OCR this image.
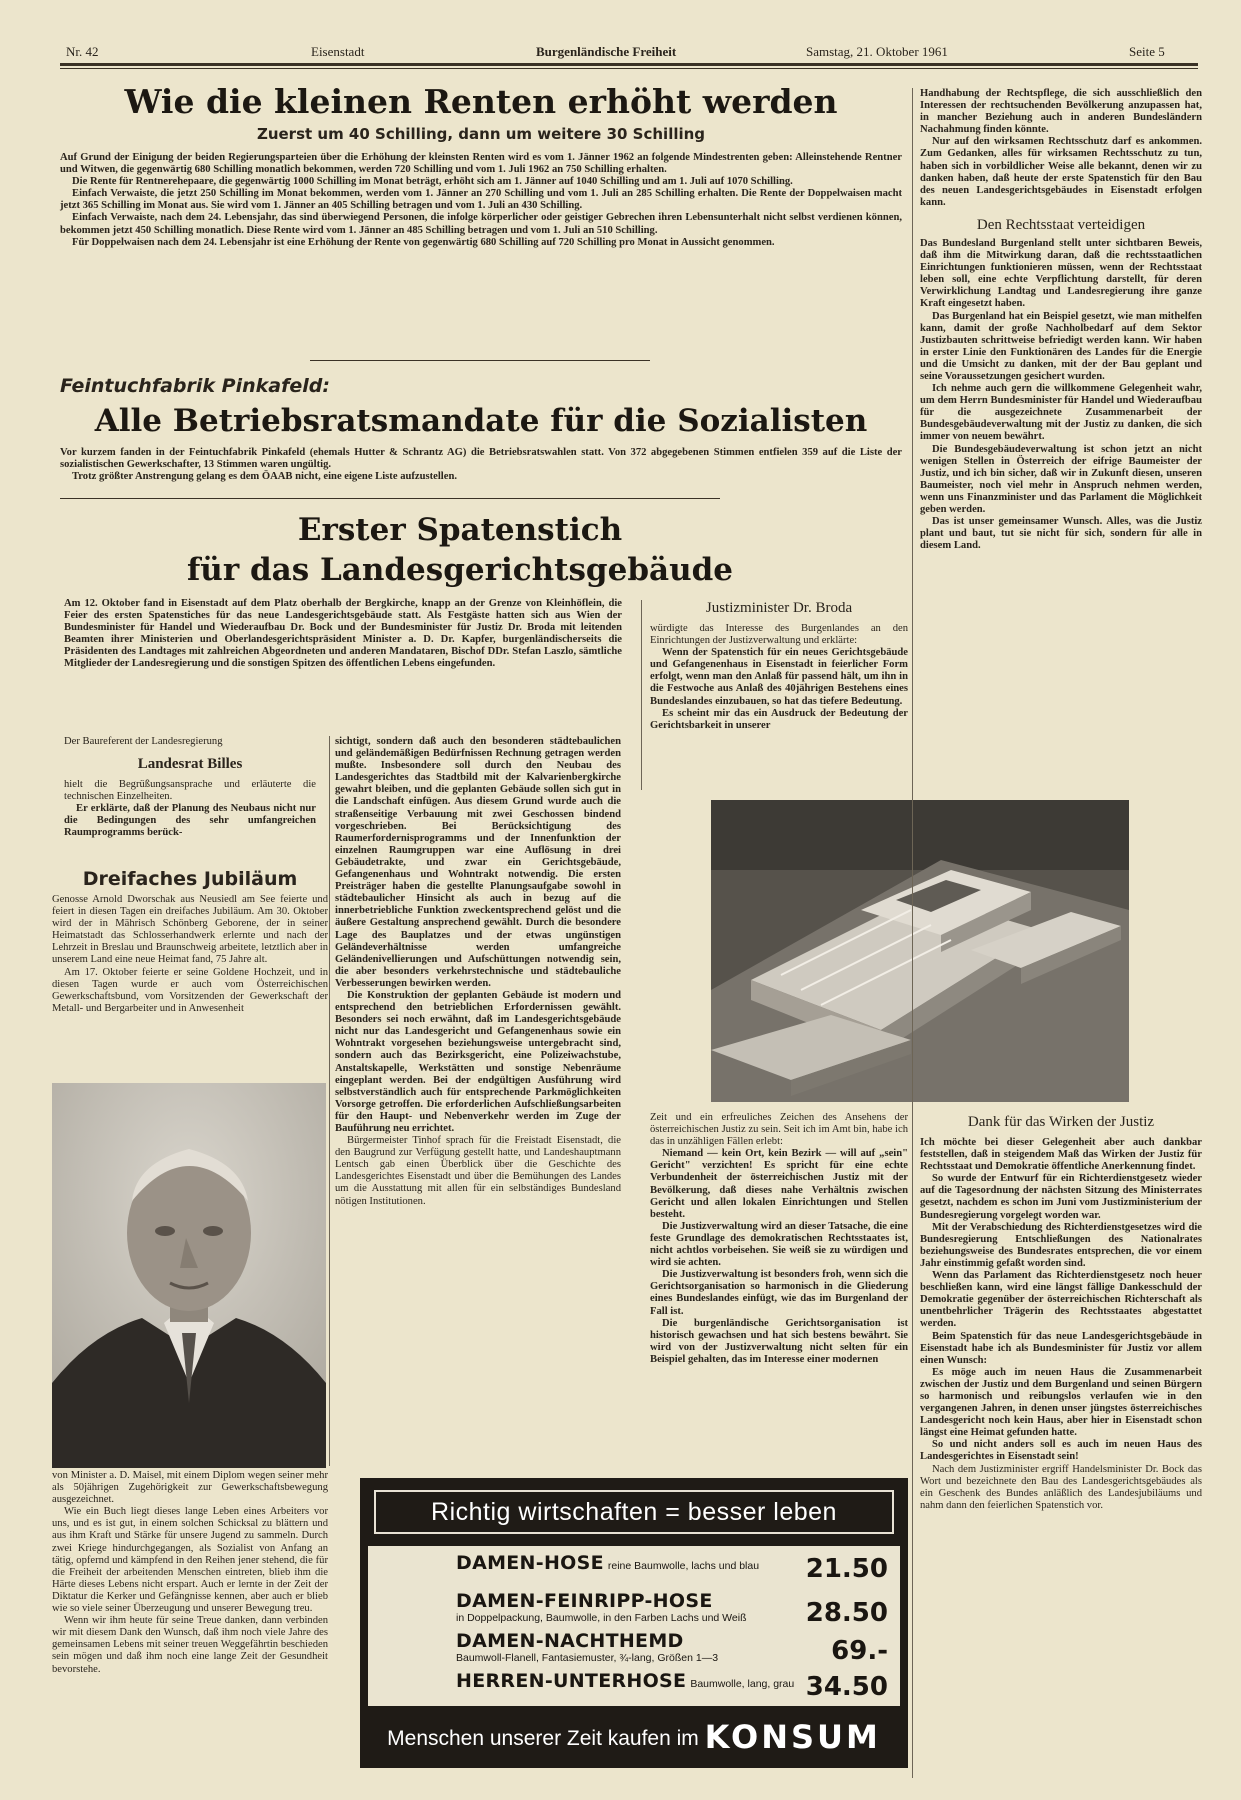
Nr. 42	Eisenstadt	Burgenländische Freiheit	Samstag, 21. Oktober 1961	Seite 5
Wie die kleinen Renten erhöht werden
Zuerst um 40 Schilling, dann um weitere 30 Schilling

Auf Grund der Einigung der beiden Regierungsparteien über die Erhöhung der kleinsten Renten wird es vom 1. Jänner 1962 an folgende Mindestrenten geben: Alleinstehende Rentner und Witwen, die gegenwärtig 680 Schilling monatlich bekommen, werden 720 Schilling und vom 1. Juli 1962 an 750 Schilling erhalten.

Die Rente für Rentnerehepaare, die gegenwärtig 1000 Schilling im Monat beträgt, erhöht sich am 1. Jänner auf 1040 Schilling und am 1. Juli auf 1070 Schilling.

Einfach Verwaiste, die jetzt 250 Schilling im Monat bekommen, werden vom 1. Jänner an 270 Schilling und vom 1. Juli an 285 Schilling erhalten. Die Rente der Doppelwaisen macht jetzt 365 Schilling im Monat aus. Sie wird vom 1. Jänner an 405 Schilling betragen und vom 1. Juli an 430 Schilling.

Einfach Verwaiste, nach dem 24. Lebensjahr, das sind überwiegend Personen, die infolge körperlicher oder geistiger Gebrechen ihren Lebensunterhalt nicht selbst verdienen können, bekommen jetzt 450 Schilling monatlich. Diese Rente wird vom 1. Jänner an 485 Schilling betragen und vom 1. Juli an 510 Schilling.

Für Doppelwaisen nach dem 24. Lebensjahr ist eine Erhöhung der Rente von gegenwärtig 680 Schilling auf 720 Schilling pro Monat in Aussicht genommen.

Feintuchfabrik Pinkafeld:
Alle Betriebsratsmandate für die Sozialisten

Vor kurzem fanden in der Feintuchfabrik Pinkafeld (ehemals Hutter & Schrantz AG) die Betriebsratswahlen statt. Von 372 abgegebenen Stimmen entfielen 359 auf die Liste der sozialistischen Gewerkschafter, 13 Stimmen waren ungültig.

Trotz größter Anstrengung gelang es dem ÖAAB nicht, eine eigene Liste aufzustellen.

Erster Spatenstich
für das Landesgerichtsgebäude

Am 12. Oktober fand in Eisenstadt auf dem Platz oberhalb der Bergkirche, knapp an der Grenze von Kleinhöflein, die Feier des ersten Spatenstiches für das neue Landesgerichtsgebäude statt. Als Festgäste hatten sich aus Wien der Bundesminister für Handel und Wiederaufbau Dr. Bock und der Bundesminister für Justiz Dr. Broda mit leitenden Beamten ihrer Ministerien und Oberlandesgerichtspräsident Minister a. D. Dr. Kapfer, burgenländischerseits die Präsidenten des Landtages mit zahlreichen Abgeordneten und anderen Mandataren, Bischof DDr. Stefan Laszlo, sämtliche Mitglieder der Landesregierung und die sonstigen Spitzen des öffentlichen Lebens eingefunden.

Der Baureferent der Landesregierung

Landesrat Billes

hielt die Begrüßungsansprache und erläuterte die technischen Einzelheiten.

Er erklärte, daß der Planung des Neubaus nicht nur die Bedingungen des sehr umfangreichen Raumprogramms berück-

Dreifaches Jubiläum

Genosse Arnold Dworschak aus Neusiedl am See feierte und feiert in diesen Tagen ein dreifaches Jubiläum. Am 30. Oktober wird der in Mährisch Schönberg Geborene, der in seiner Heimatstadt das Schlosserhandwerk erlernte und nach der Lehrzeit in Breslau und Braunschweig arbeitete, letztlich aber in unserem Land eine neue Heimat fand, 75 Jahre alt.

Am 17. Oktober feierte er seine Goldene Hochzeit, und in diesen Tagen wurde er auch vom Österreichischen Gewerkschaftsbund, vom Vorsitzenden der Gewerkschaft der Metall- und Bergarbeiter und in Anwesenheit

von Minister a. D. Maisel, mit einem Diplom wegen seiner mehr als 50jährigen Zugehörigkeit zur Gewerkschaftsbewegung ausgezeichnet.

Wie ein Buch liegt dieses lange Leben eines Arbeiters vor uns, und es ist gut, in einem solchen Schicksal zu blättern und aus ihm Kraft und Stärke für unsere Jugend zu sammeln. Durch zwei Kriege hindurchgegangen, als Sozialist von Anfang an tätig, opfernd und kämpfend in den Reihen jener stehend, die für die Freiheit der arbeitenden Menschen eintreten, blieb ihm die Härte dieses Lebens nicht erspart. Auch er lernte in der Zeit der Diktatur die Kerker und Gefängnisse kennen, aber auch er blieb wie so viele seiner Überzeugung und unserer Bewegung treu.

Wenn wir ihm heute für seine Treue danken, dann verbinden wir mit diesem Dank den Wunsch, daß ihm noch viele Jahre des gemeinsamen Lebens mit seiner treuen Weggefährtin beschieden sein mögen und daß ihm noch eine lange Zeit der Gesundheit bevorstehe.

sichtigt, sondern daß auch den besonderen städtebaulichen und geländemäßigen Bedürfnissen Rechnung getragen werden mußte. Insbesondere soll durch den Neubau des Landesgerichtes das Stadtbild mit der Kalvarienbergkirche gewahrt bleiben, und die geplanten Gebäude sollen sich gut in die Landschaft einfügen. Aus diesem Grund wurde auch die straßenseitige Verbauung mit zwei Geschossen bindend vorgeschrieben. Bei Berücksichtigung des Raumerfordernisprogramms und der Innenfunktion der einzelnen Raumgruppen war eine Auflösung in drei Gebäudetrakte, und zwar ein Gerichtsgebäude, Gefangenenhaus und Wohntrakt notwendig. Die ersten Preisträger haben die gestellte Planungsaufgabe sowohl in städtebaulicher Hinsicht als auch in bezug auf die innerbetriebliche Funktion zweckentsprechend gelöst und die äußere Gestaltung ansprechend gewählt. Durch die besondere Lage des Bauplatzes und der etwas ungünstigen Geländeverhältnisse werden umfangreiche Geländenivellierungen und Aufschüttungen notwendig sein, die aber besonders verkehrstechnische und städtebauliche Verbesserungen bewirken werden.

Die Konstruktion der geplanten Gebäude ist modern und entsprechend den betrieblichen Erfordernissen gewählt. Besonders sei noch erwähnt, daß im Landesgerichtsgebäude nicht nur das Landesgericht und Gefangenenhaus sowie ein Wohntrakt vorgesehen beziehungsweise untergebracht sind, sondern auch das Bezirksgericht, eine Polizeiwachstube, Anstaltskapelle, Werkstätten und sonstige Nebenräume eingeplant werden. Bei der endgültigen Ausführung wird selbstverständlich auch für entsprechende Parkmöglichkeiten Vorsorge getroffen. Die erforderlichen Aufschließungsarbeiten für den Haupt- und Nebenverkehr werden im Zuge der Bauführung neu errichtet.

Bürgermeister Tinhof sprach für die Freistadt Eisenstadt, die den Baugrund zur Verfügung gestellt hatte, und Landeshauptmann Lentsch gab einen Überblick über die Geschichte des Landesgerichtes Eisenstadt und über die Bemühungen des Landes um die Ausstattung mit allen für ein selbständiges Bundesland nötigen Institutionen.

Justizminister Dr. Broda

würdigte das Interesse des Burgenlandes an den Einrichtungen der Justizverwaltung und erklärte:

Wenn der Spatenstich für ein neues Gerichtsgebäude und Gefangenenhaus in Eisenstadt in feierlicher Form erfolgt, wenn man den Anlaß für passend hält, um ihn in die Festwoche aus Anlaß des 40jährigen Bestehens eines Bundeslandes einzubauen, so hat das tiefere Bedeutung.

Es scheint mir das ein Ausdruck der Bedeutung der Gerichtsbarkeit in unserer

Zeit und ein erfreuliches Zeichen des Ansehens der österreichischen Justiz zu sein. Seit ich im Amt bin, habe ich das in unzähligen Fällen erlebt:

Niemand — kein Ort, kein Bezirk — will auf „sein" Gericht" verzichten! Es spricht für eine echte Verbundenheit der österreichischen Justiz mit der Bevölkerung, daß dieses nahe Verhältnis zwischen Gericht und allen lokalen Einrichtungen und Stellen besteht.

Die Justizverwaltung wird an dieser Tatsache, die eine feste Grundlage des demokratischen Rechtsstaates ist, nicht achtlos vorbeisehen. Sie weiß sie zu würdigen und wird sie achten.

Die Justizverwaltung ist besonders froh, wenn sich die Gerichtsorganisation so harmonisch in die Gliederung eines Bundeslandes einfügt, wie das im Burgenland der Fall ist.

Die burgenländische Gerichtsorganisation ist historisch gewachsen und hat sich bestens bewährt. Sie wird von der Justizverwaltung nicht selten für ein Beispiel gehalten, das im Interesse einer modernen

Handhabung der Rechtspflege, die sich ausschließlich den Interessen der rechtsuchenden Bevölkerung anzupassen hat, in mancher Beziehung auch in anderen Bundesländern Nachahmung finden könnte.

Nur auf den wirksamen Rechtsschutz darf es ankommen. Zum Gedanken, alles für wirksamen Rechtsschutz zu tun, haben sich in vorbildlicher Weise alle bekannt, denen wir zu danken haben, daß heute der erste Spatenstich für den Bau des neuen Landesgerichtsgebäudes in Eisenstadt erfolgen kann.

Den Rechtsstaat verteidigen

Das Bundesland Burgenland stellt unter sichtbaren Beweis, daß ihm die Mitwirkung daran, daß die rechtsstaatlichen Einrichtungen funktionieren müssen, wenn der Rechtsstaat leben soll, eine echte Verpflichtung darstellt, für deren Verwirklichung Landtag und Landesregierung ihre ganze Kraft eingesetzt haben.

Das Burgenland hat ein Beispiel gesetzt, wie man mithelfen kann, damit der große Nachholbedarf auf dem Sektor Justizbauten schrittweise befriedigt werden kann. Wir haben in erster Linie den Funktionären des Landes für die Energie und die Umsicht zu danken, mit der der Bau geplant und seine Voraussetzungen gesichert wurden.

Ich nehme auch gern die willkommene Gelegenheit wahr, um dem Herrn Bundesminister für Handel und Wiederaufbau für die ausgezeichnete Zusammenarbeit der Bundesgebäudeverwaltung mit der Justiz zu danken, die sich immer von neuem bewährt.

Die Bundesgebäudeverwaltung ist schon jetzt an nicht wenigen Stellen in Österreich der eifrige Baumeister der Justiz, und ich bin sicher, daß wir in Zukunft diesen, unseren Baumeister, noch viel mehr in Anspruch nehmen werden, wenn uns Finanzminister und das Parlament die Möglichkeit geben werden.

Das ist unser gemeinsamer Wunsch. Alles, was die Justiz plant und baut, tut sie nicht für sich, sondern für alle in diesem Land.

Dank für das Wirken der Justiz

Ich möchte bei dieser Gelegenheit aber auch dankbar feststellen, daß in steigendem Maß das Wirken der Justiz für Rechtsstaat und Demokratie öffentliche Anerkennung findet.

So wurde der Entwurf für ein Richterdienstgesetz wieder auf die Tagesordnung der nächsten Sitzung des Ministerrates gesetzt, nachdem es schon im Juni vom Justizministerium der Bundesregierung vorgelegt worden war.

Mit der Verabschiedung des Richterdienstgesetzes wird die Bundesregierung Entschließungen des Nationalrates beziehungsweise des Bundesrates entsprechen, die vor einem Jahr einstimmig gefaßt worden sind.

Wenn das Parlament das Richterdienstgesetz noch heuer beschließen kann, wird eine längst fällige Dankesschuld der Demokratie gegenüber der österreichischen Richterschaft als unentbehrlicher Trägerin des Rechtsstaates abgestattet werden.

Beim Spatenstich für das neue Landesgerichtsgebäude in Eisenstadt habe ich als Bundesminister für Justiz vor allem einen Wunsch:

Es möge auch im neuen Haus die Zusammenarbeit zwischen der Justiz und dem Burgenland und seinen Bürgern so harmonisch und reibungslos verlaufen wie in den vergangenen Jahren, in denen unser jüngstes österreichisches Landesgericht noch kein Haus, aber hier in Eisenstadt schon längst eine Heimat gefunden hatte.

So und nicht anders soll es auch im neuen Haus des Landesgerichtes in Eisenstadt sein!

Nach dem Justizminister ergriff Handelsminister Dr. Bock das Wort und bezeichnete den Bau des Landesgerichtsgebäudes als ein Geschenk des Bundes anläßlich des Landesjubiläums und nahm dann den feierlichen Spatenstich vor.

Richtig wirtschaften = besser leben
DAMEN-HOSE reine Baumwolle, lachs und blau 21.50
DAMEN-FEINRIPP-HOSE
in Doppelpackung, Baumwolle, in den Farben Lachs und Weiß	28.50
DAMEN-NACHTHEMD
Baumwoll-Flanell, Fantasiemuster, ¾-lang, Größen 1—3	69.-
HERREN-UNTERHOSE Baumwolle, lang, grau 34.50
Menschen unserer Zeit kaufen im KONSUM
